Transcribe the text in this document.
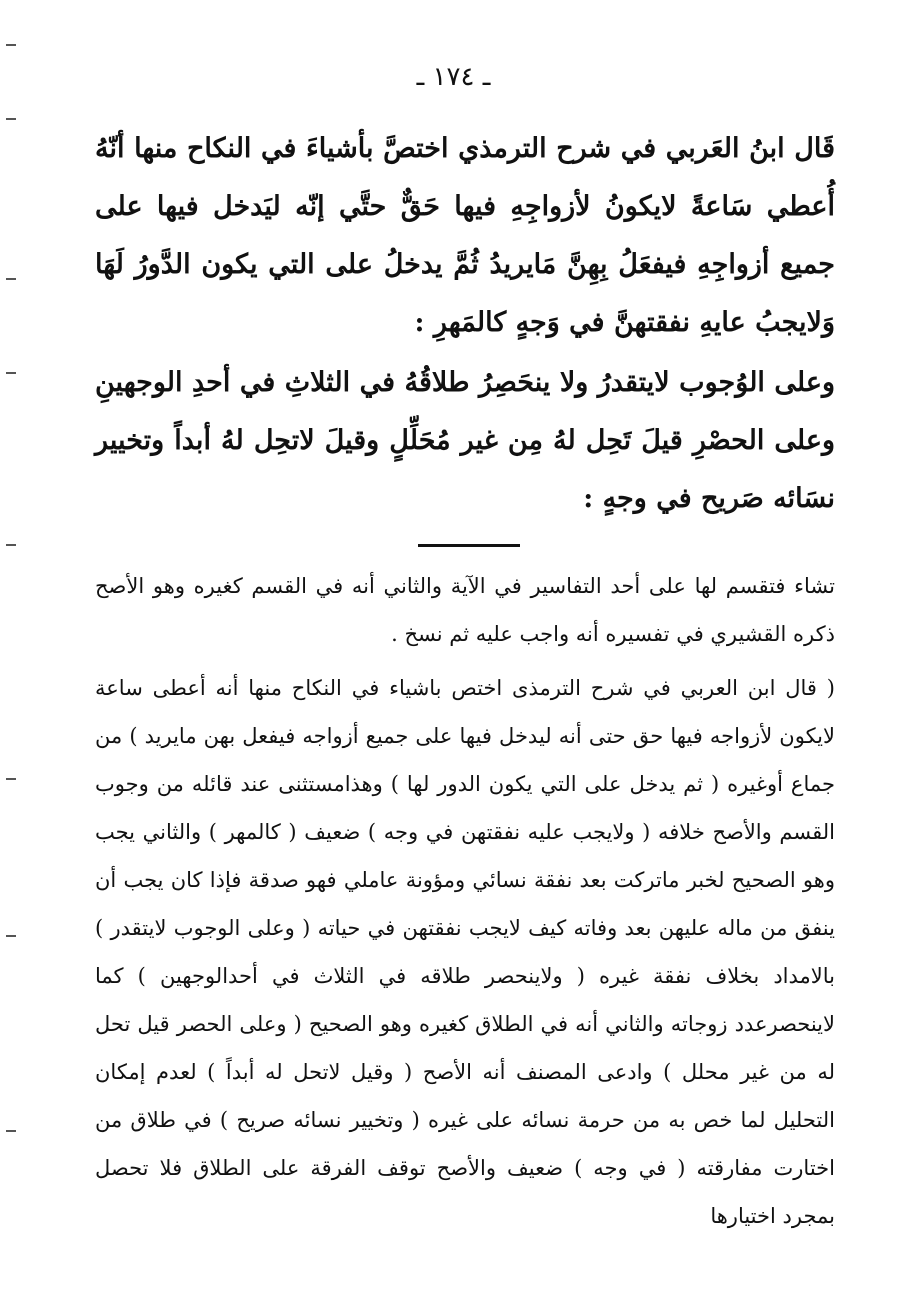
ـ ١٧٤ ـ

قَال ابنُ العَربي في شرح الترمذي اختصَّ بأشياءَ في النكاح منها أنّهُ أُعطي سَاعةً لايكونُ لأزواجِهِ فيها حَقٌّ حتَّي إنّه ليَدخل فيها على جميع أزواجِهِ فيفعَلُ بِهِنَّ مَايريدُ ثُمَّ يدخلُ على التي يكون الدَّورُ لَهَا وَلايجبُ عايهِ نفقتهنَّ في وَجهٍ كالمَهرِ :

وعلى الوُجوب لايتقدرُ ولا ينحَصِرُ طلاقُهُ في الثلاثِ في أحدِ الوجهينِ وعلى الحصْرِ قيلَ تَحِل لهُ مِن غير مُحَلِّلٍ وقيلَ لاتحِل لهُ أبداً وتخيير نسَائه صَريح في وجهٍ :

تشاء فتقسم لها على أحد التفاسير في الآية والثاني أنه في القسم كغيره وهو الأصح ذكره القشيري في تفسيره أنه واجب عليه ثم نسخ .

( قال ابن العربي في شرح الترمذى اختص باشياء في النكاح منها أنه أعطى ساعة لايكون لأزواجه فيها حق حتى أنه ليدخل فيها على جميع أزواجه فيفعل بهن مايريد ) من جماع أوغيره ( ثم يدخل على التي يكون الدور لها ) وهذامستثنى عند قائله من وجوب القسم والأصح خلافه ( ولايجب عليه نفقتهن في وجه ) ضعيف ( كالمهر ) والثاني يجب وهو الصحيح لخبر ماتركت بعد نفقة نسائي ومؤونة عاملي فهو صدقة فإذا كان يجب أن ينفق من ماله عليهن بعد وفاته كيف لايجب نفقتهن في حياته ( وعلى الوجوب لايتقدر ) بالامداد بخلاف نفقة غيره ( ولاينحصر طلاقه في الثلاث في أحدالوجهين ) كما لاينحصرعدد زوجاته والثاني أنه في الطلاق كغيره وهو الصحيح ( وعلى الحصر قيل تحل له من غير محلل ) وادعى المصنف أنه الأصح ( وقيل لاتحل له أبداً ) لعدم إمكان التحليل لما خص به من حرمة نسائه على غيره ( وتخيير نسائه صريح ) في طلاق من اختارت مفارقته ( في وجه ) ضعيف والأصح توقف الفرقة على الطلاق فلا تحصل بمجرد اختيارها
